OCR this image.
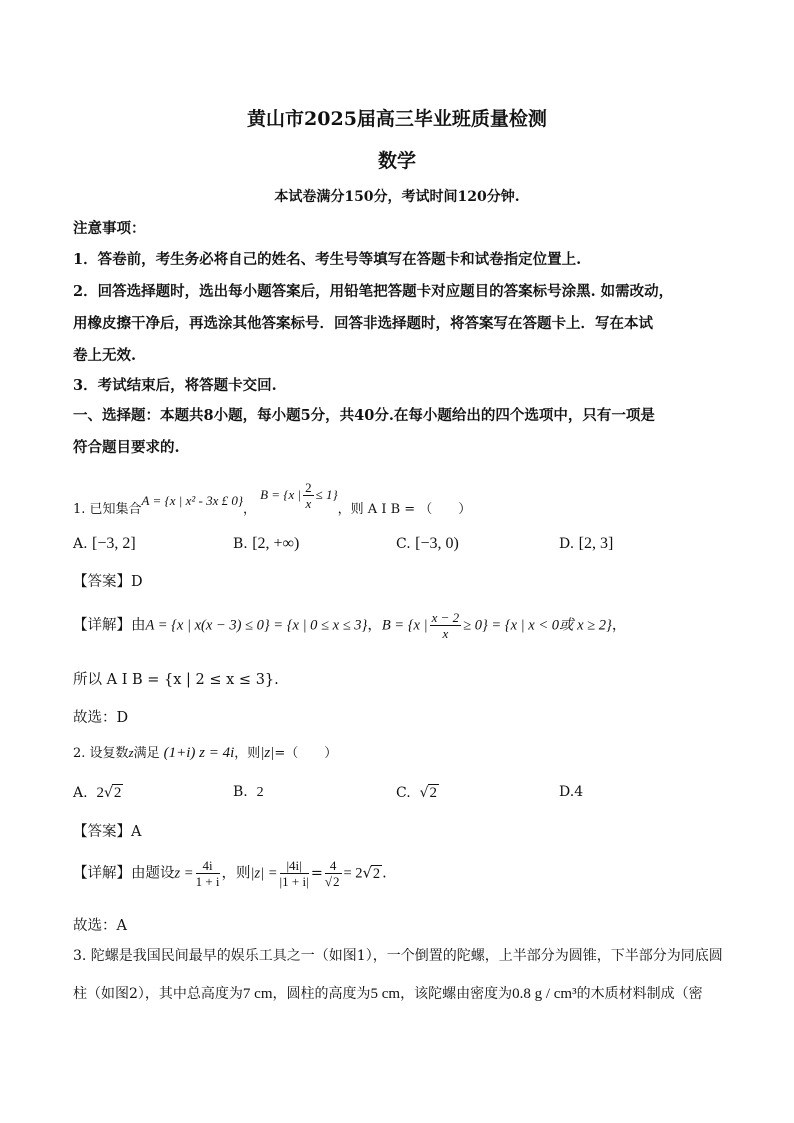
黄山市2025届高三毕业班质量检测
数学
本试卷满分150分，考试时间120分钟.
注意事项：
1．答卷前，考生务必将自己的姓名、考生号等填写在答题卡和试卷指定位置上.
2．回答选择题时，选出每小题答案后，用铅笔把答题卡对应题目的答案标号涂黑. 如需改动，
用橡皮擦干净后，再选涂其他答案标号．回答非选择题时，将答案写在答题卡上．写在本试
卷上无效.
3．考试结束后，将答题卡交回.
一、选择题：本题共8小题，每小题5分，共40分.在每小题给出的四个选项中，只有一项是
符合题目要求的.
1. 已知集合A = {x | x² - 3x £ 0}，B = {x | $\frac{2}{x} \le 1$}，则 A I B = （　　）
A. [−3, 2]	B. [2, +∞)	C. [−3, 0)	D. [2, 3]
【答案】D
【详解】由A = {x | x(x − 3) ≤ 0} = {x | 0 ≤ x ≤ 3}，B = {x | $\frac{x - 2}{x} \ge 0\} = \{x$ | x < 0或 x ≥ 2}，
所以 A I B = {x | 2 ≤ x ≤ 3}.
故选：D
2. 设复数z满足 (1+i) z = 4i，则|z|=（　　）
A. 2√2	B. 2	C.  √2	D.4
【答案】A
【详解】由题设$z = \frac{4i}{1 + i}$ ，则$|z| = \frac{|4i|}{|1 + i|} = \frac{4}{√2} = 2√2$ .
故选：A
3. 陀螺是我国民间最早的娱乐工具之一（如图1），一个倒置的陀螺，上半部分为圆锥，下半部分为同底圆
柱（如图2），其中总高度为7 cm，圆柱的高度为5 cm，该陀螺由密度为0.8 g / cm³的木质材料制成（密
